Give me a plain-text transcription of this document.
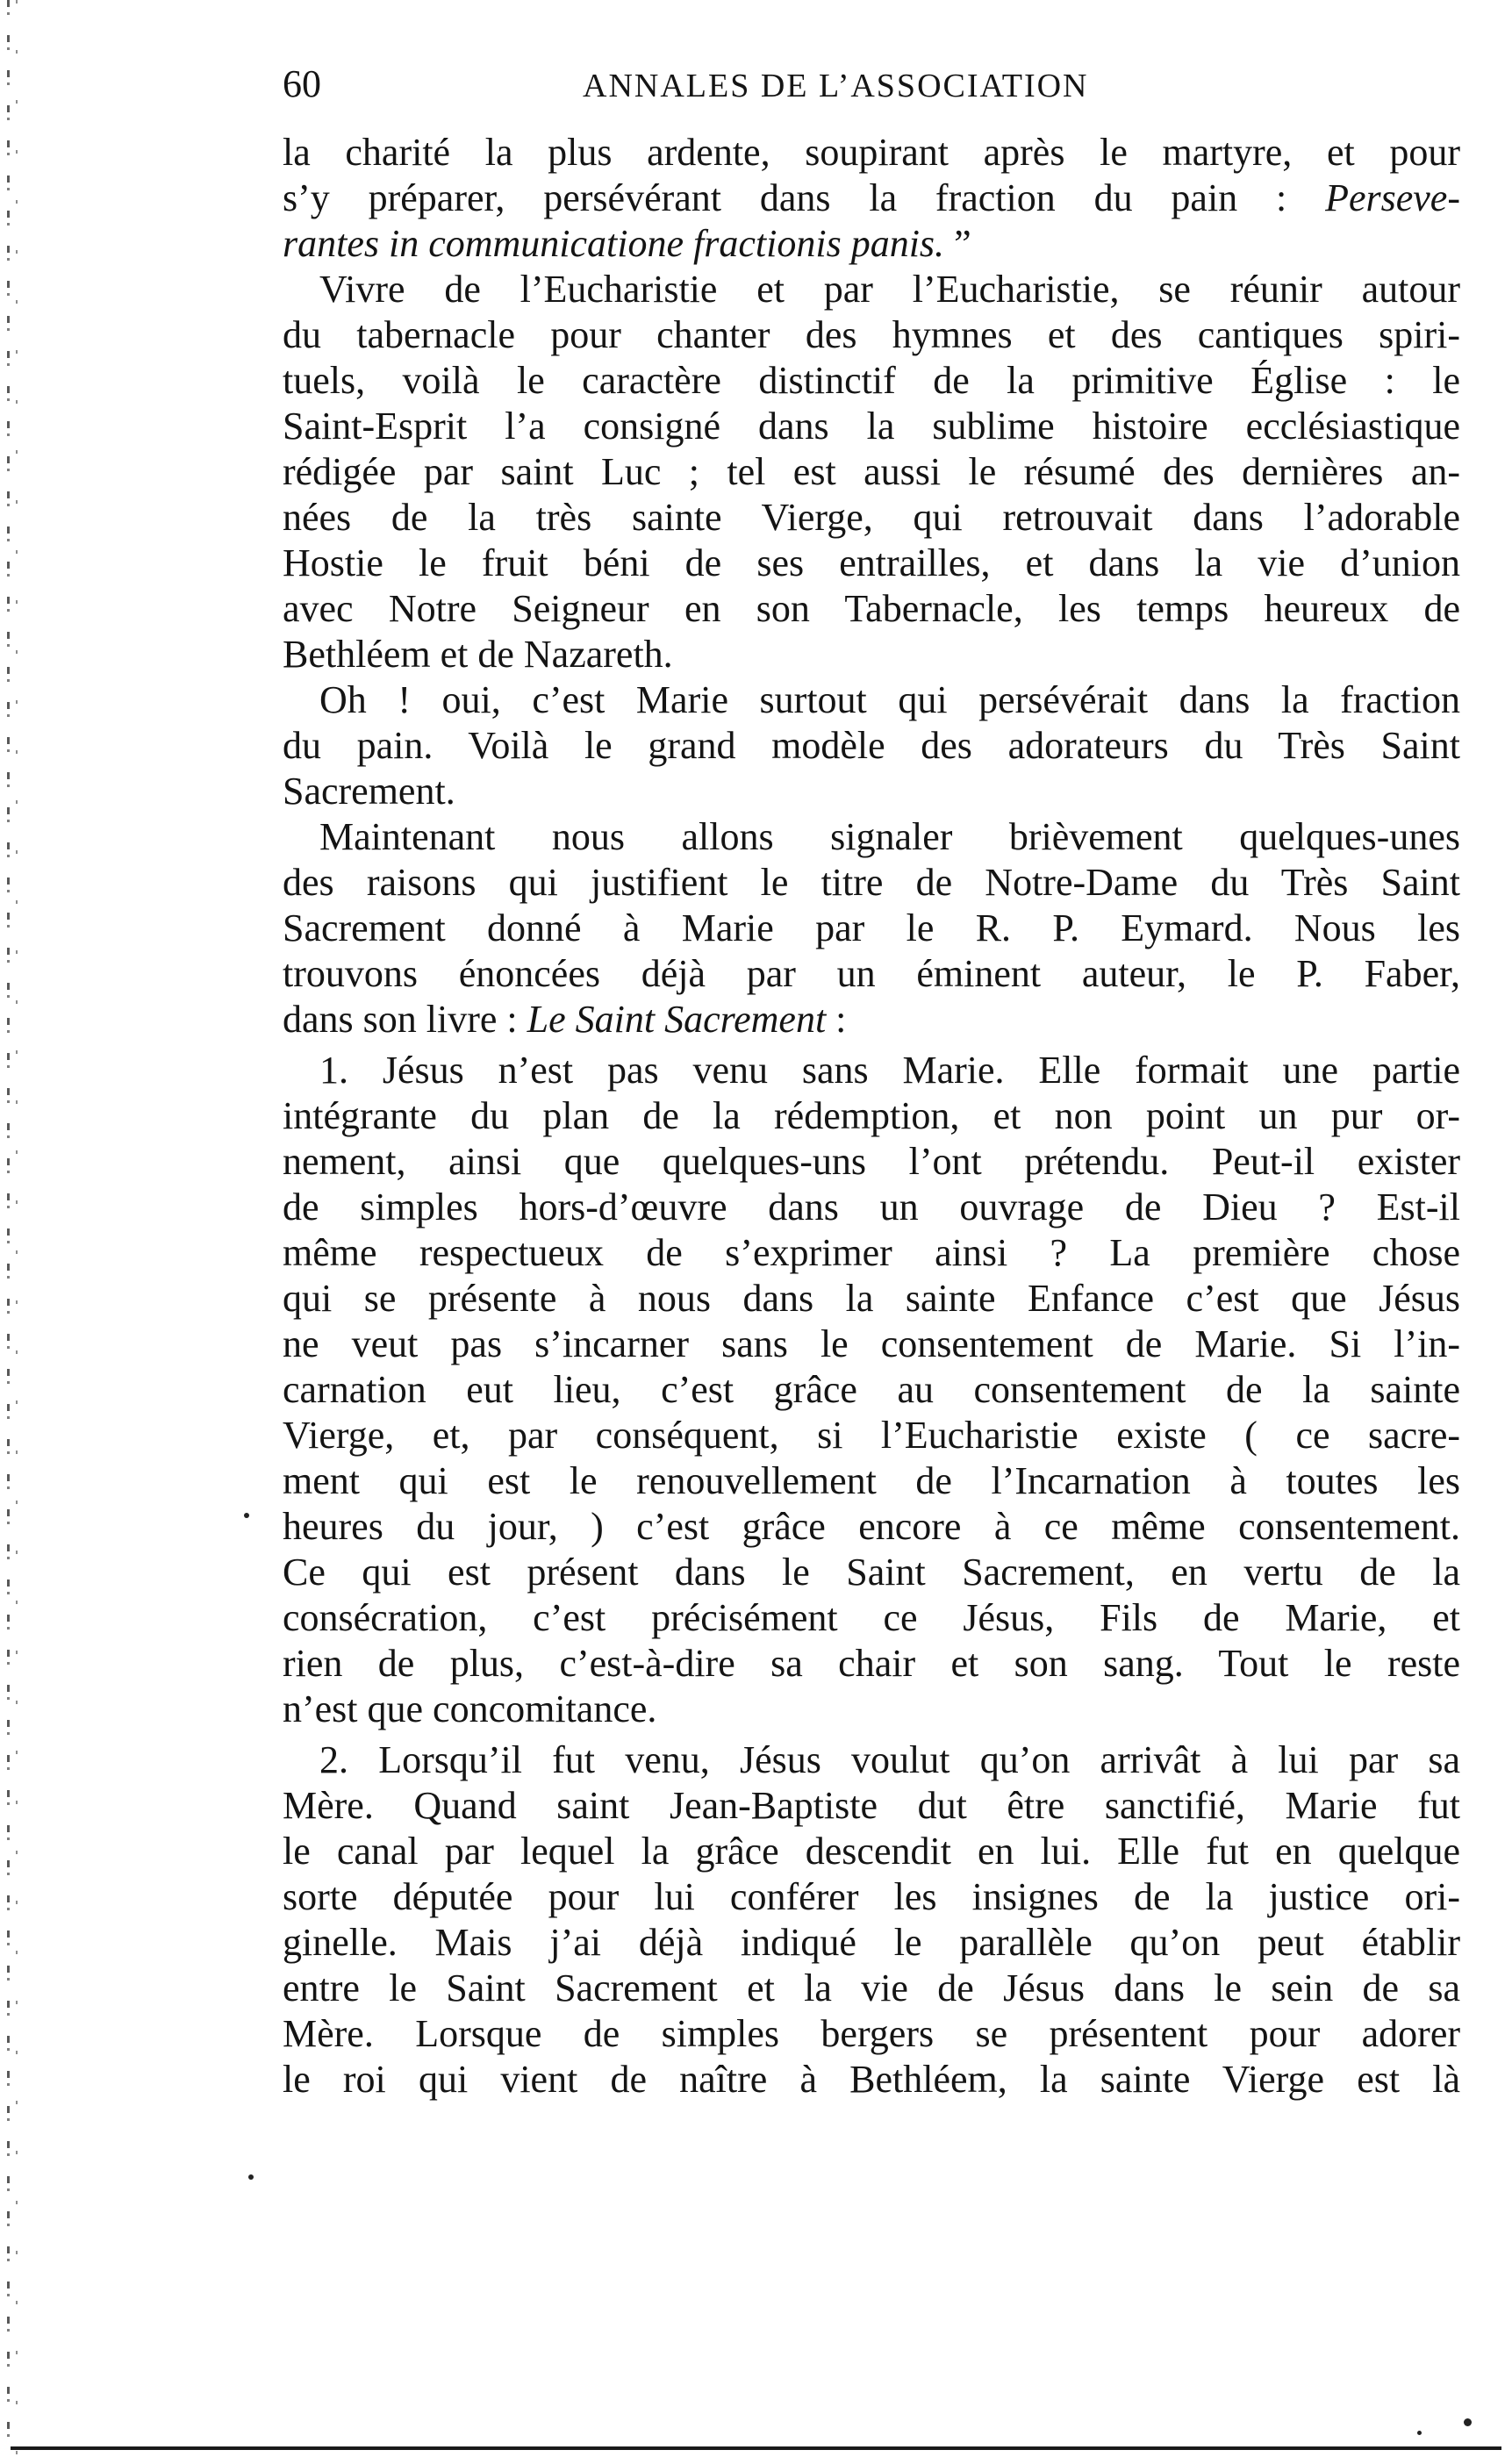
60	ANNALES DE L’ASSOCIATION
la charité la plus ardente, soupirant après le martyre, et pour
s’y préparer, persévérant dans la fraction du pain : Perseve-
rantes in communicatione fractionis panis. ”
Vivre de l’Eucharistie et par l’Eucharistie, se réunir autour
du tabernacle pour chanter des hymnes et des cantiques spiri-
tuels, voilà le caractère distinctif de la primitive Église : le
Saint-Esprit l’a consigné dans la sublime histoire ecclésiastique
rédigée par saint Luc ; tel est aussi le résumé des dernières an-
nées de la très sainte Vierge, qui retrouvait dans l’adorable
Hostie le fruit béni de ses entrailles, et dans la vie d’union
avec Notre Seigneur en son Tabernacle, les temps heureux de
Bethléem et de Nazareth.
Oh ! oui, c’est Marie surtout qui persévérait dans la fraction
du pain. Voilà le grand modèle des adorateurs du Très Saint
Sacrement.
Maintenant nous allons signaler brièvement quelques-unes
des raisons qui justifient le titre de Notre-Dame du Très Saint
Sacrement donné à Marie par le R. P. Eymard. Nous les
trouvons énoncées déjà par un éminent auteur, le P. Faber,
dans son livre : Le Saint Sacrement :
1. Jésus n’est pas venu sans Marie. Elle formait une partie
intégrante du plan de la rédemption, et non point un pur or-
nement, ainsi que quelques-uns l’ont prétendu. Peut-il exister
de simples hors-d’œuvre dans un ouvrage de Dieu ? Est-il
même respectueux de s’exprimer ainsi ? La première chose
qui se présente à nous dans la sainte Enfance c’est que Jésus
ne veut pas s’incarner sans le consentement de Marie. Si l’in-
carnation eut lieu, c’est grâce au consentement de la sainte
Vierge, et, par conséquent, si l’Eucharistie existe ( ce sacre-
ment qui est le renouvellement de l’Incarnation à toutes les
heures du jour, ) c’est grâce encore à ce même consentement.
Ce qui est présent dans le Saint Sacrement, en vertu de la
consécration, c’est précisément ce Jésus, Fils de Marie, et
rien de plus, c’est-à-dire sa chair et son sang. Tout le reste
n’est que concomitance.
2. Lorsqu’il fut venu, Jésus voulut qu’on arrivât à lui par sa
Mère. Quand saint Jean-Baptiste dut être sanctifié, Marie fut
le canal par lequel la grâce descendit en lui. Elle fut en quelque
sorte députée pour lui conférer les insignes de la justice ori-
ginelle. Mais j’ai déjà indiqué le parallèle qu’on peut établir
entre le Saint Sacrement et la vie de Jésus dans le sein de sa
Mère. Lorsque de simples bergers se présentent pour adorer
le roi qui vient de naître à Bethléem, la sainte Vierge est là
